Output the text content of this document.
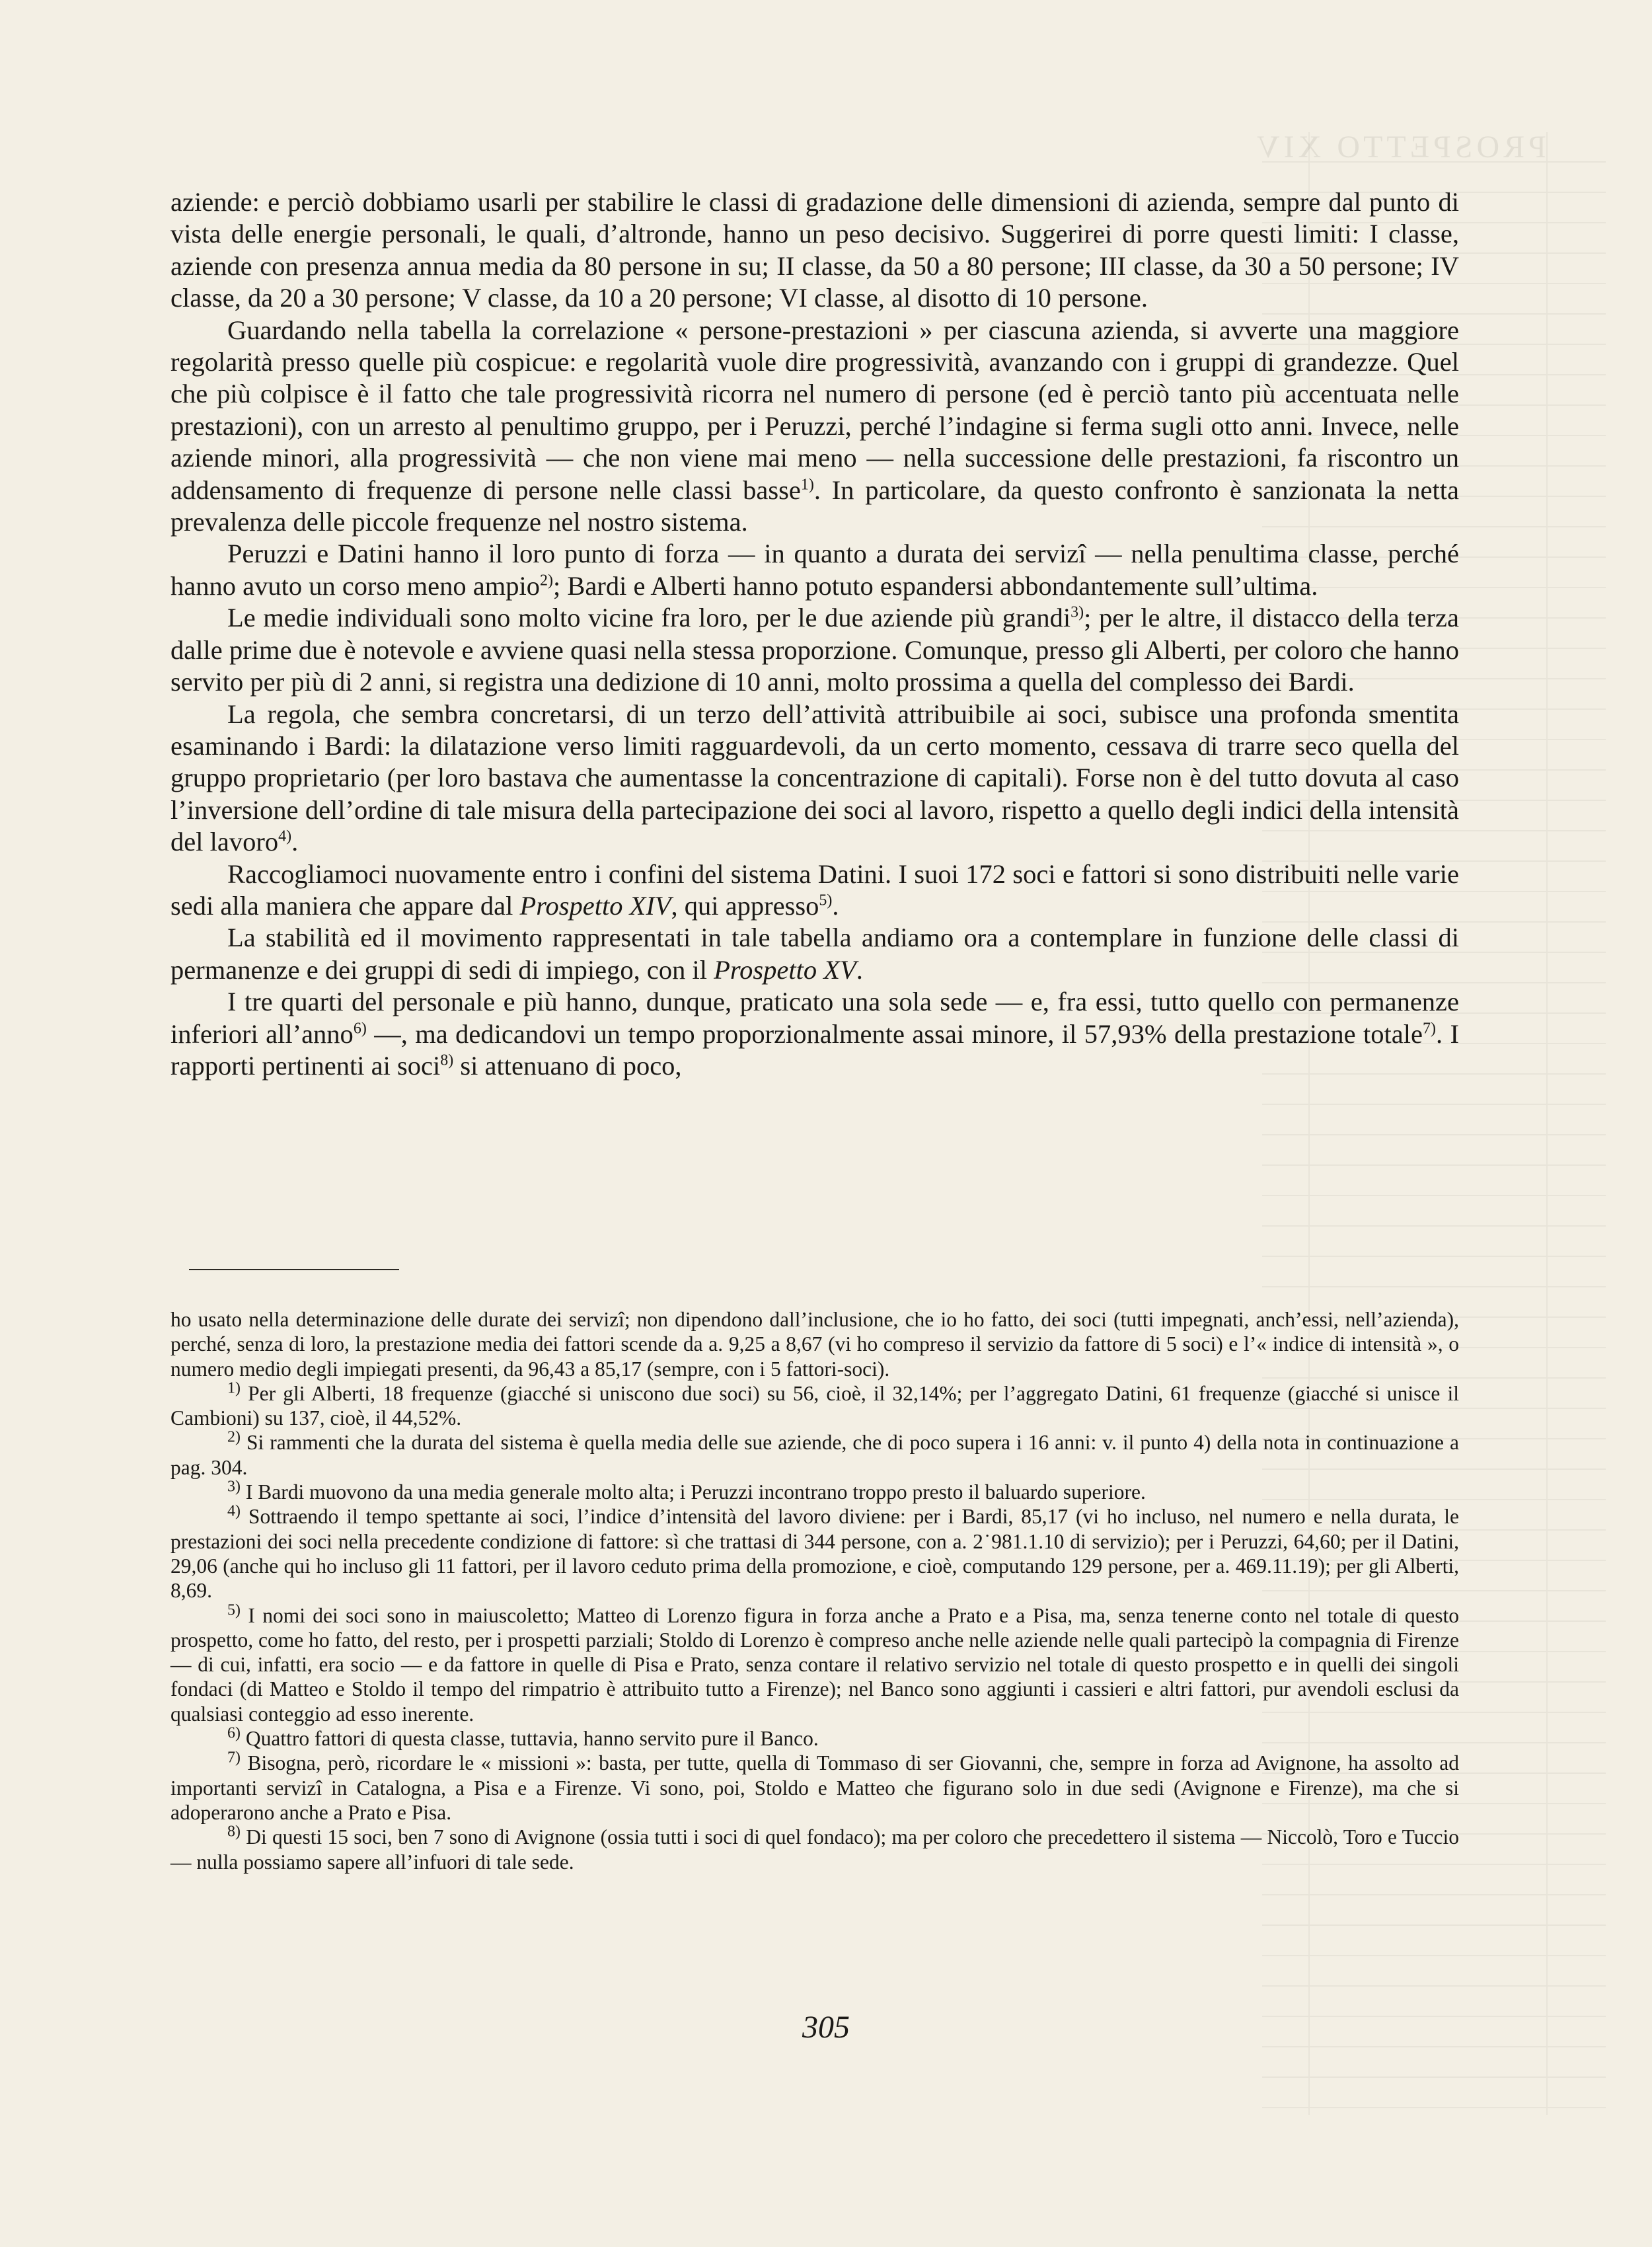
PROSPETTO XIV

aziende: e perciò dobbiamo usarli per stabilire le classi di gradazione delle dimensioni di azienda, sempre dal punto di vista delle energie personali, le quali, d’altronde, hanno un peso decisivo. Suggerirei di porre questi limiti: I classe, aziende con presenza annua media da 80 persone in su; II classe, da 50 a 80 persone; III classe, da 30 a 50 persone; IV classe, da 20 a 30 persone; V classe, da 10 a 20 persone; VI classe, al disotto di 10 persone.

Guardando nella tabella la correlazione « persone-prestazioni » per ciascuna azienda, si avverte una maggiore regolarità presso quelle più cospicue: e regolarità vuole dire progressività, avanzando con i gruppi di grandezze. Quel che più colpisce è il fatto che tale progressività ricorra nel numero di persone (ed è perciò tanto più accentuata nelle prestazioni), con un arresto al penultimo gruppo, per i Peruzzi, perché l’indagine si ferma sugli otto anni. Invece, nelle aziende minori, alla progressività — che non viene mai meno — nella successione delle prestazioni, fa riscontro un addensamento di frequenze di persone nelle classi basse$^{1)}$. In particolare, da questo confronto è sanzionata la netta prevalenza delle piccole frequenze nel nostro sistema.

Peruzzi e Datini hanno il loro punto di forza — in quanto a durata dei servizî — nella penultima classe, perché hanno avuto un corso meno ampio$^{2)}$; Bardi e Alberti hanno potuto espandersi abbondantemente sull’ultima.

Le medie individuali sono molto vicine fra loro, per le due aziende più grandi$^{3)}$; per le altre, il distacco della terza dalle prime due è notevole e avviene quasi nella stessa proporzione. Comunque, presso gli Alberti, per coloro che hanno servito per più di 2 anni, si registra una dedizione di 10 anni, molto prossima a quella del complesso dei Bardi.

La regola, che sembra concretarsi, di un terzo dell’attività attribuibile ai soci, subisce una profonda smentita esaminando i Bardi: la dilatazione verso limiti ragguardevoli, da un certo momento, cessava di trarre seco quella del gruppo proprietario (per loro bastava che aumentasse la concentrazione di capitali). Forse non è del tutto dovuta al caso l’inversione dell’ordine di tale misura della partecipazione dei soci al lavoro, rispetto a quello degli indici della intensità del lavoro$^{4)}$.

Raccogliamoci nuovamente entro i confini del sistema Datini. I suoi 172 soci e fattori si sono distribuiti nelle varie sedi alla maniera che appare dal Prospetto XIV, qui appresso$^{5)}$.

La stabilità ed il movimento rappresentati in tale tabella andiamo ora a contemplare in funzione delle classi di permanenze e dei gruppi di sedi di impiego, con il Prospetto XV.

I tre quarti del personale e più hanno, dunque, praticato una sola sede — e, fra essi, tutto quello con permanenze inferiori all’anno$^{6)}$ —, ma dedicandovi un tempo proporzionalmente assai minore, il 57,93% della prestazione totale$^{7)}$. I rapporti pertinenti ai soci$^{8)}$ si attenuano di poco,

ho usato nella determinazione delle durate dei servizî; non dipendono dall’inclusione, che io ho fatto, dei soci (tutti impegnati, anch’essi, nell’azienda), perché, senza di loro, la prestazione media dei fattori scende da a. 9,25 a 8,67 (vi ho compreso il servizio da fattore di 5 soci) e l’« indice di intensità », o numero medio degli impiegati presenti, da 96,43 a 85,17 (sempre, con i 5 fattori-soci).

$^{1)}$ Per gli Alberti, 18 frequenze (giacché si uniscono due soci) su 56, cioè, il 32,14%; per l’aggregato Datini, 61 frequenze (giacché si unisce il Cambioni) su 137, cioè, il 44,52%.

$^{2)}$ Si rammenti che la durata del sistema è quella media delle sue aziende, che di poco supera i 16 anni: v. il punto 4) della nota in continuazione a pag. 304.

$^{3)}$ I Bardi muovono da una media generale molto alta; i Peruzzi incontrano troppo presto il baluardo superiore.

$^{4)}$ Sottraendo il tempo spettante ai soci, l’indice d’intensità del lavoro diviene: per i Bardi, 85,17 (vi ho incluso, nel numero e nella durata, le prestazioni dei soci nella precedente condizione di fattore: sì che trattasi di 344 persone, con a. 2˙981.1.10 di servizio); per i Peruzzi, 64,60; per il Datini, 29,06 (anche qui ho incluso gli 11 fattori, per il lavoro ceduto prima della promozione, e cioè, computando 129 persone, per a. 469.11.19); per gli Alberti, 8,69.

$^{5)}$ I nomi dei soci sono in maiuscoletto; Matteo di Lorenzo figura in forza anche a Prato e a Pisa, ma, senza tenerne conto nel totale di questo prospetto, come ho fatto, del resto, per i prospetti parziali; Stoldo di Lorenzo è compreso anche nelle aziende nelle quali partecipò la compagnia di Firenze — di cui, infatti, era socio — e da fattore in quelle di Pisa e Prato, senza contare il relativo servizio nel totale di questo prospetto e in quelli dei singoli fondaci (di Matteo e Stoldo il tempo del rimpatrio è attribuito tutto a Firenze); nel Banco sono aggiunti i cassieri e altri fattori, pur avendoli esclusi da qualsiasi conteggio ad esso inerente.

$^{6)}$ Quattro fattori di questa classe, tuttavia, hanno servito pure il Banco.

$^{7)}$ Bisogna, però, ricordare le « missioni »: basta, per tutte, quella di Tommaso di ser Giovanni, che, sempre in forza ad Avignone, ha assolto ad importanti servizî in Catalogna, a Pisa e a Firenze. Vi sono, poi, Stoldo e Matteo che figurano solo in due sedi (Avignone e Firenze), ma che si adoperarono anche a Prato e Pisa.

$^{8)}$ Di questi 15 soci, ben 7 sono di Avignone (ossia tutti i soci di quel fondaco); ma per coloro che precedettero il sistema — Niccolò, Toro e Tuccio — nulla possiamo sapere all’infuori di tale sede.

305
